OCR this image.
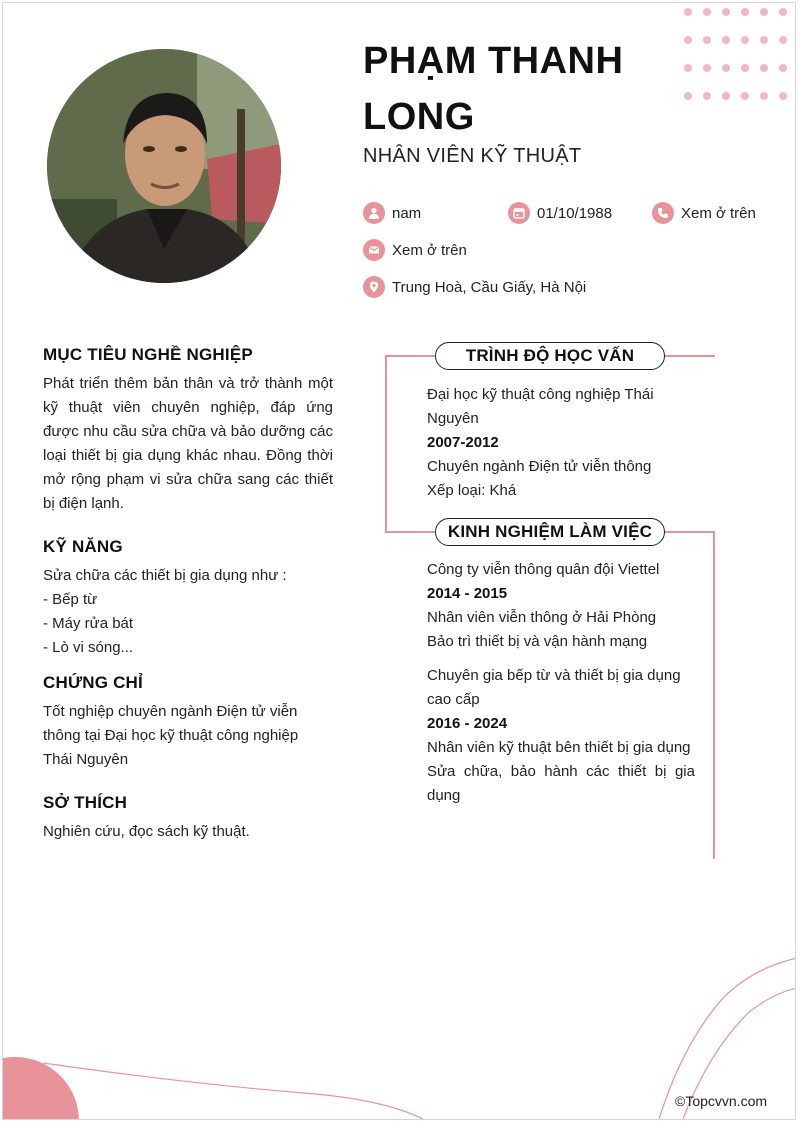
PHẠM THANH LONG
NHÂN VIÊN KỸ THUẬT
nam	01/10/1988	Xem ở trên
Xem ở trên
Trung Hoà, Cầu Giấy, Hà Nội
MỤC TIÊU NGHỀ NGHIỆP
Phát triển thêm bản thân và trở thành một kỹ thuật viên chuyên nghiệp, đáp ứng được nhu cầu sửa chữa và bảo dưỡng các loại thiết bị gia dụng khác nhau. Đồng thời mở rộng phạm vi sửa chữa sang các thiết bị điện lạnh.
KỸ NĂNG

Sửa chữa các thiết bị gia dụng như :

- Bếp từ

- Máy rửa bát

- Lò vi sóng...

CHỨNG CHỈ
Tốt nghiệp chuyên ngành Điện tử viễn thông tại Đại học kỹ thuật công nghiệp Thái Nguyên
SỞ THÍCH
Nghiên cứu, đọc sách kỹ thuật.
TRÌNH ĐỘ HỌC VẤN
Đại học kỹ thuật công nghiệp Thái Nguyên
2007-2012
Chuyên ngành Điện tử viễn thông
Xếp loại: Khá
KINH NGHIỆM LÀM VIỆC
Công ty viễn thông quân đội Viettel
2014 - 2015
Nhân viên viễn thông ở Hải Phòng
Bảo trì thiết bị và vận hành mạng
Chuyên gia bếp từ và thiết bị gia dụng cao cấp
2016 - 2024
Nhân viên kỹ thuật bên thiết bị gia dụng
Sửa chữa, bảo hành các thiết bị gia dụng
©Topcvvn.com
